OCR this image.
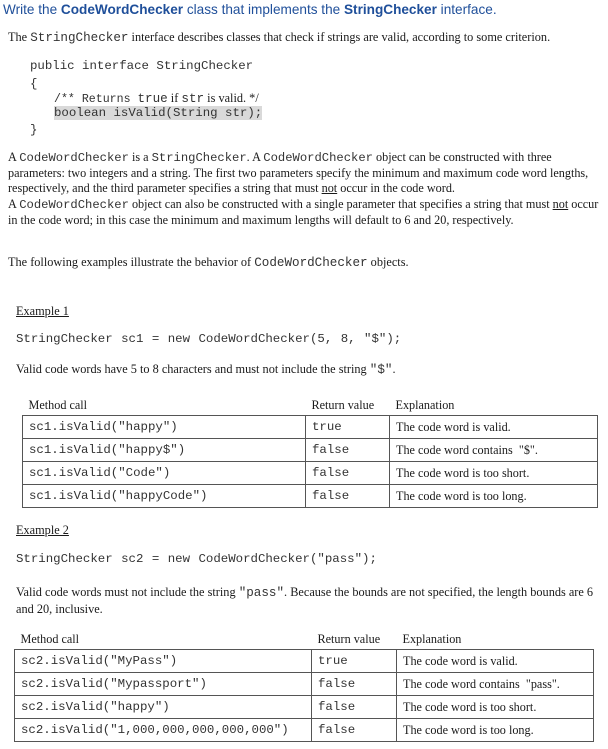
Write the CodeWordChecker class that implements the StringChecker interface.
The StringChecker interface describes classes that check if strings are valid, according to some criterion.
public interface StringChecker
{
/** Returns true if str is valid. */
boolean isValid(String str);
}
A CodeWordChecker is a StringChecker. A CodeWordChecker object can be constructed with three parameters: two integers and a string. The first two parameters specify the minimum and maximum code word lengths, respectively, and the third parameter specifies a string that must not occur in the code word.
A CodeWordChecker object can also be constructed with a single parameter that specifies a string that must not occur in the code word; in this case the minimum and maximum lengths will default to 6 and 20, respectively.
The following examples illustrate the behavior of CodeWordChecker objects.
Example 1
StringChecker sc1 = new CodeWordChecker(5, 8, "$");
Valid code words have 5 to 8 characters and must not include the string "$".
Method call	Return value	Explanation
sc1.isValid("happy")	true	The code word is valid.
sc1.isValid("happy$")	false	The code word contains  "$".
sc1.isValid("Code")	false	The code word is too short.
sc1.isValid("happyCode")	false	The code word is too long.
Example 2
StringChecker sc2 = new CodeWordChecker("pass");
Valid code words must not include the string "pass". Because the bounds are not specified, the length bounds are 6 and 20, inclusive.
Method call	Return value	Explanation
sc2.isValid("MyPass")	true	The code word is valid.
sc2.isValid("Mypassport")	false	The code word contains  "pass".
sc2.isValid("happy")	false	The code word is too short.
sc2.isValid("1,000,000,000,000,000")	false	The code word is too long.
